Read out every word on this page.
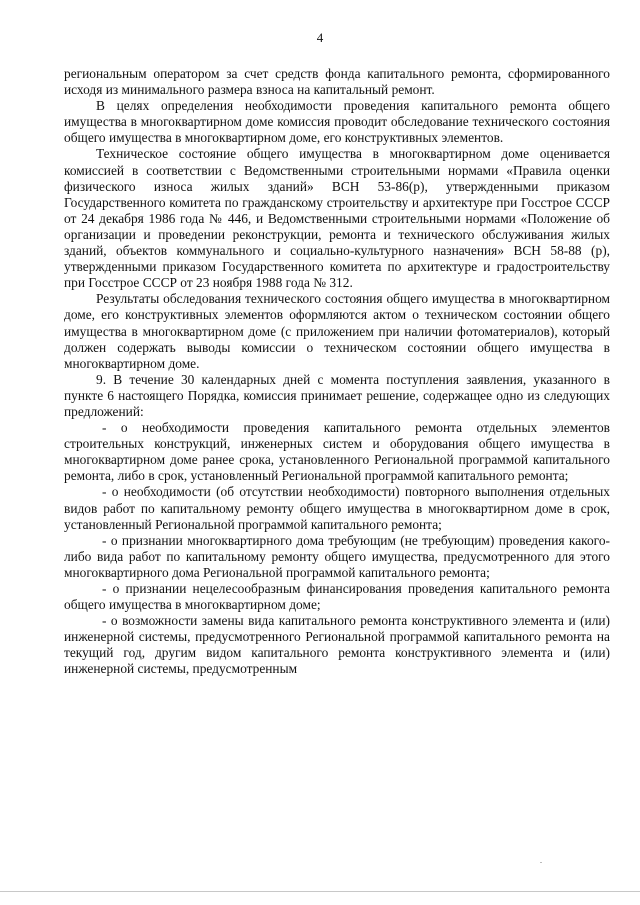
4

региональным оператором за счет средств фонда капитального ремонта, сформированного исходя из минимального размера взноса на капитальный ремонт.

В целях определения необходимости проведения капитального ремонта общего имущества в многоквартирном доме комиссия проводит обследование технического состояния общего имущества в многоквартирном доме, его конструктивных элементов.

Техническое состояние общего имущества в многоквартирном доме оценивается комиссией в соответствии с Ведомственными строительными нормами «Правила оценки физического износа жилых зданий» ВСН 53-86(р), утвержденными приказом Государственного комитета по гражданскому строительству и архитектуре при Госстрое СССР от 24 декабря 1986 года № 446, и Ведомственными строительными нормами «Положение об организации и проведении реконструкции, ремонта и технического обслуживания жилых зданий, объектов коммунального и социально-культурного назначения» ВСН 58-88 (р), утвержденными приказом Государственного комитета по архитектуре и градостроительству при Госстрое СССР от 23 ноября 1988 года № 312.

Результаты обследования технического состояния общего имущества в многоквартирном доме, его конструктивных элементов оформляются актом о техническом состоянии общего имущества в многоквартирном доме (с приложением при наличии фотоматериалов), который должен содержать выводы комиссии о техническом состоянии общего имущества в многоквартирном доме.

9. В течение 30 календарных дней с момента поступления заявления, указанного в пункте 6 настоящего Порядка, комиссия принимает решение, содержащее одно из следующих предложений:

- о необходимости проведения капитального ремонта отдельных элементов строительных конструкций, инженерных систем и оборудования общего имущества в многоквартирном доме ранее срока, установленного Региональной программой капитального ремонта, либо в срок, установленный Региональной программой капитального ремонта;

- о необходимости (об отсутствии необходимости) повторного выполнения отдельных видов работ по капитальному ремонту общего имущества в многоквартирном доме в срок, установленный Региональной программой капитального ремонта;

- о признании многоквартирного дома требующим (не требующим) проведения какого-либо вида работ по капитальному ремонту общего имущества, предусмотренного для этого многоквартирного дома Региональной программой капитального ремонта;

- о признании нецелесообразным финансирования проведения капитального ремонта общего имущества в многоквартирном доме;

- о возможности замены вида капитального ремонта конструктивного элемента и (или) инженерной системы, предусмотренного Региональной программой капитального ремонта на текущий год, другим видом капитального ремонта конструктивного элемента и (или) инженерной системы, предусмотренным
